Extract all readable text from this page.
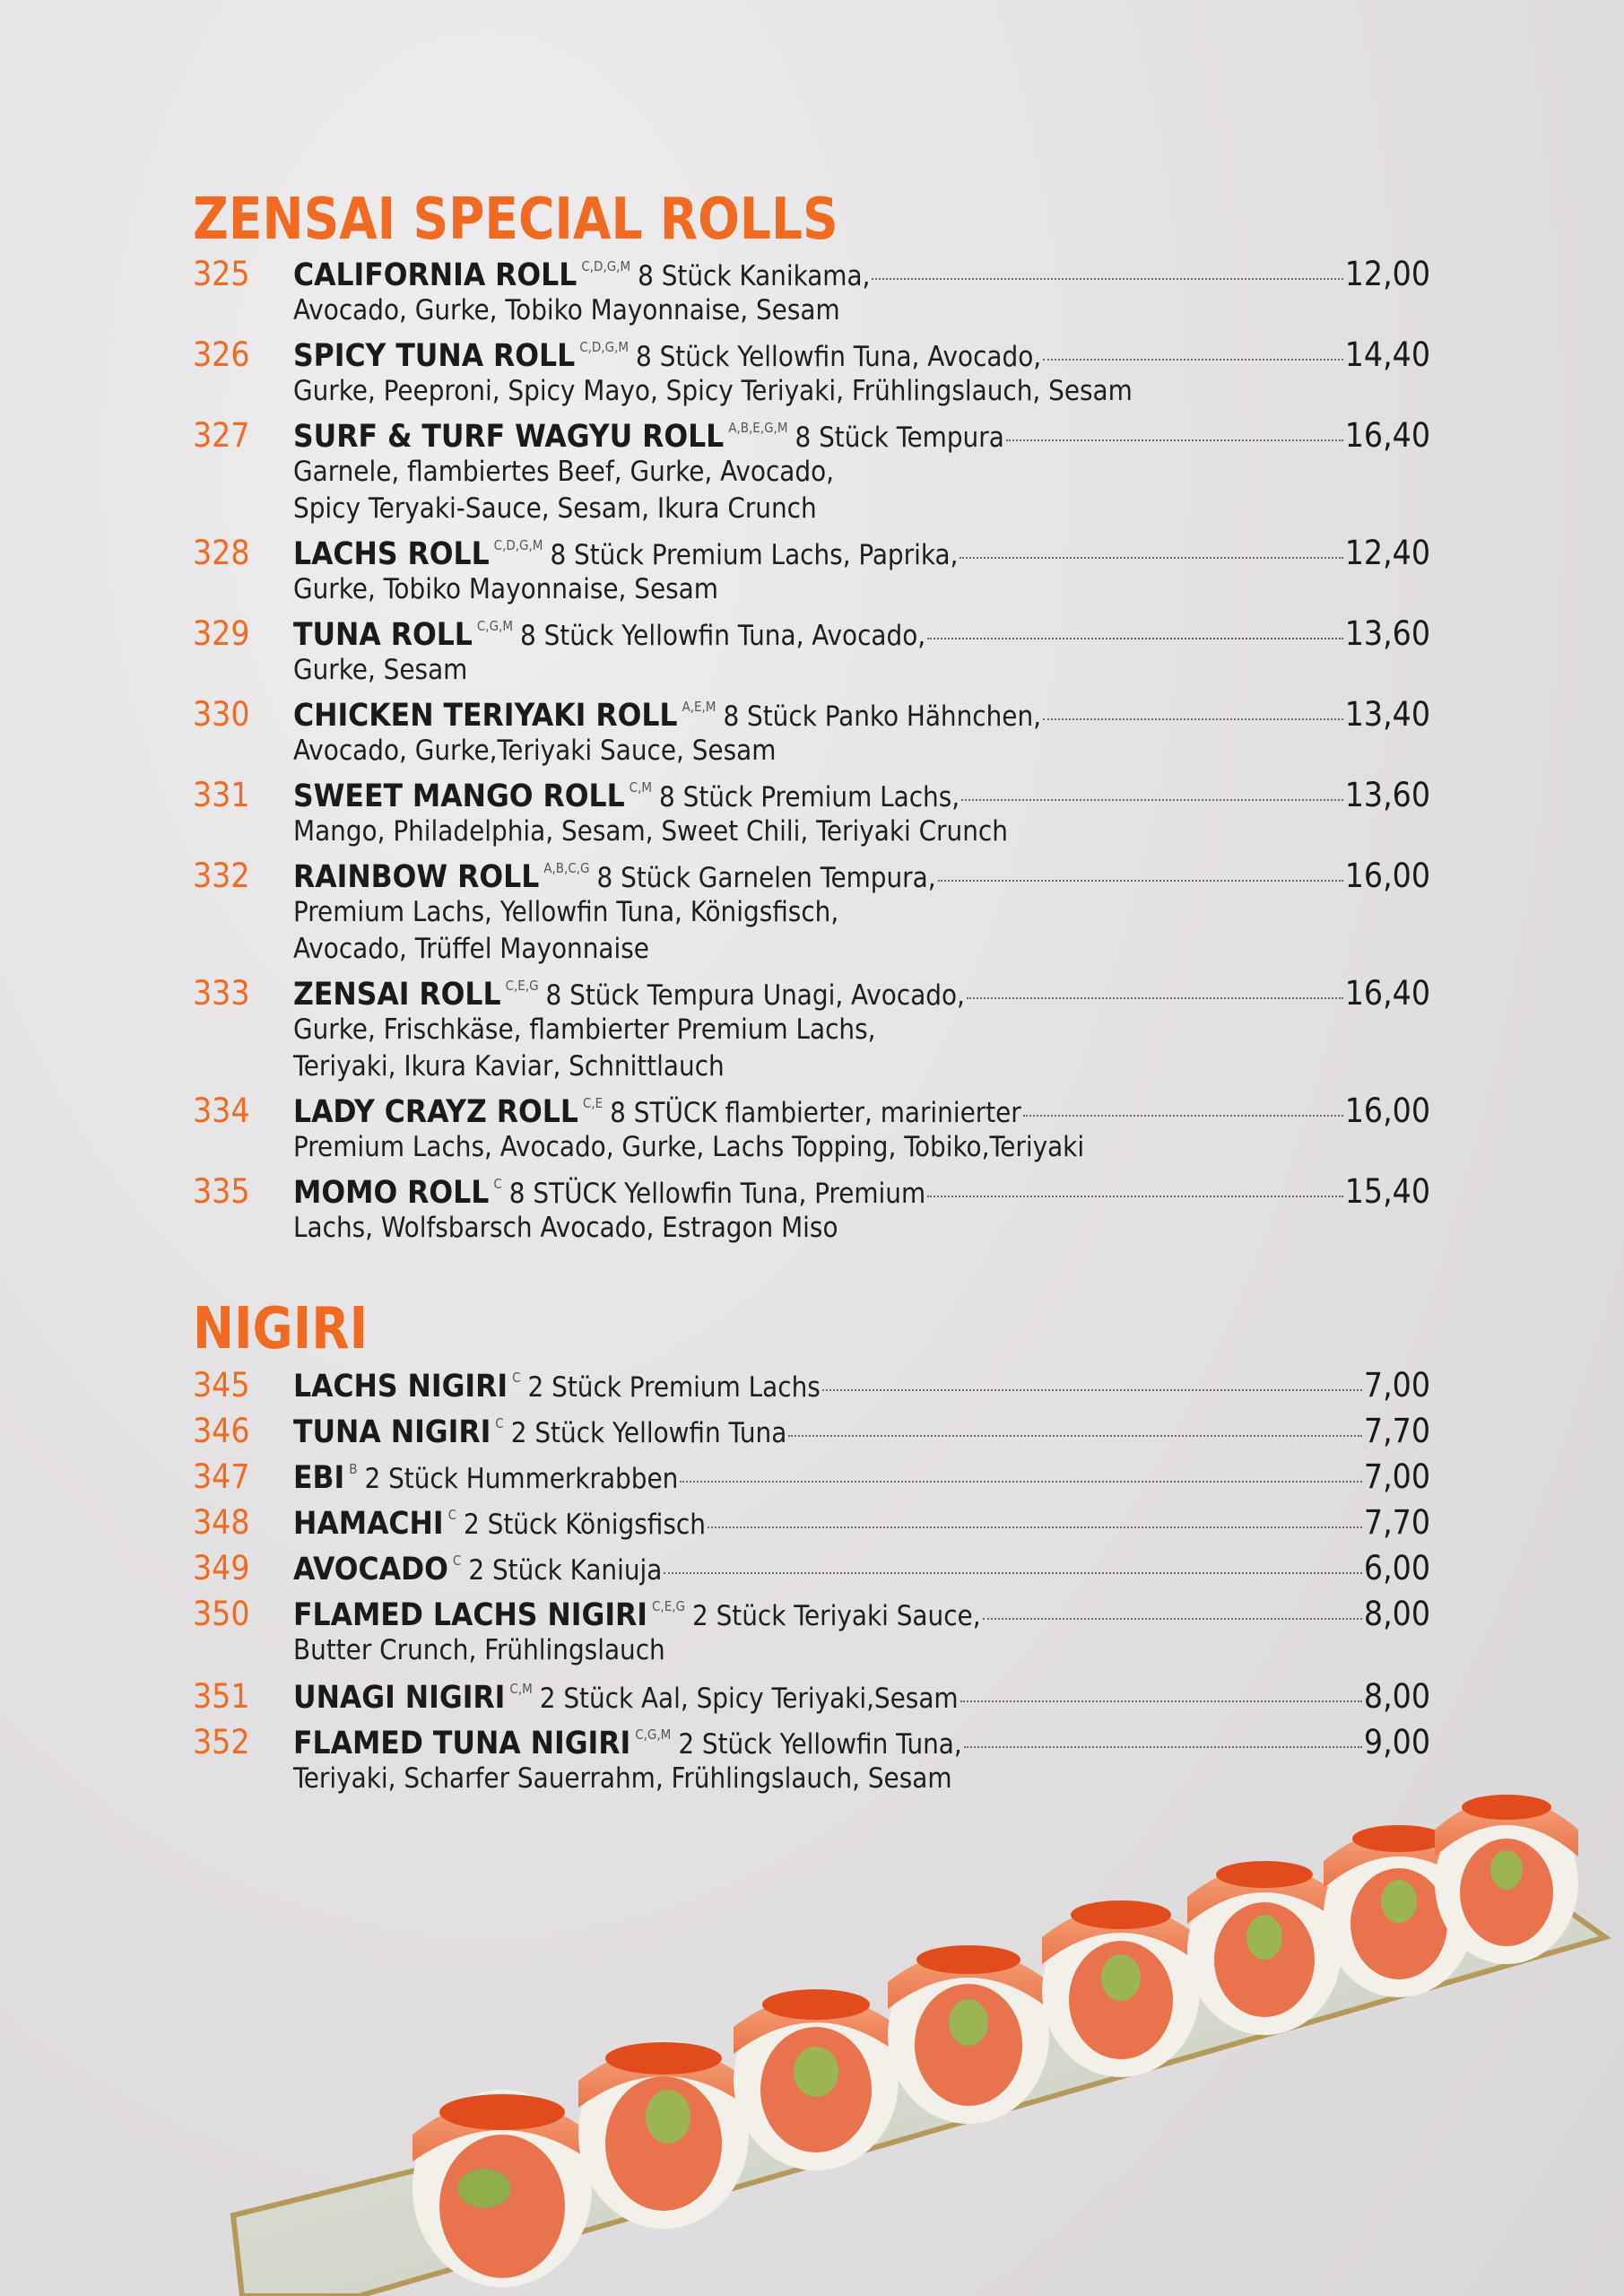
ZENSAI SPECIAL ROLLS
325	CALIFORNIA ROLL C,D,G,M 8 Stück Kanikama,	12,00
Avocado, Gurke, Tobiko Mayonnaise, Sesam
326	SPICY TUNA ROLL C,D,G,M 8 Stück Yellowfin Tuna, Avocado,	14,40
Gurke, Peeproni, Spicy Mayo, Spicy Teriyaki, Frühlingslauch, Sesam
327	SURF & TURF WAGYU ROLL A,B,E,G,M 8 Stück Tempura	16,40
Garnele, flambiertes Beef, Gurke, Avocado,
Spicy Teryaki-Sauce, Sesam, Ikura Crunch
328	LACHS ROLL C,D,G,M 8 Stück Premium Lachs, Paprika,	12,40
Gurke, Tobiko Mayonnaise, Sesam
329	TUNA ROLL C,G,M 8 Stück Yellowfin Tuna, Avocado,	13,60
Gurke, Sesam
330	CHICKEN TERIYAKI ROLL A,E,M 8 Stück Panko Hähnchen,	13,40
Avocado, Gurke,Teriyaki Sauce, Sesam
331	SWEET MANGO ROLL C,M 8 Stück Premium Lachs,	13,60
Mango, Philadelphia, Sesam, Sweet Chili, Teriyaki Crunch
332	RAINBOW ROLL A,B,C,G 8 Stück Garnelen Tempura,	16,00
Premium Lachs, Yellowfin Tuna, Königsfisch,
Avocado, Trüffel Mayonnaise
333	ZENSAI ROLL C,E,G 8 Stück Tempura Unagi, Avocado,	16,40
Gurke, Frischkäse, flambierter Premium Lachs,
Teriyaki, Ikura Kaviar, Schnittlauch
334	LADY CRAYZ ROLL C,E 8 STÜCK flambierter, marinierter	16,00
Premium Lachs, Avocado, Gurke, Lachs Topping, Tobiko,Teriyaki
335	MOMO ROLL C 8 STÜCK Yellowfin Tuna, Premium	15,40
Lachs, Wolfsbarsch Avocado, Estragon Miso
NIGIRI
345	LACHS NIGIRI C 2 Stück Premium Lachs	7,00
346	TUNA NIGIRI C 2 Stück Yellowfin Tuna	7,70
347	EBI B 2 Stück Hummerkrabben	7,00
348	HAMACHI C 2 Stück Königsfisch	7,70
349	AVOCADO C 2 Stück Kaniuja	6,00
350	FLAMED LACHS NIGIRI C,E,G 2 Stück Teriyaki Sauce,	8,00
Butter Crunch, Frühlingslauch
351	UNAGI NIGIRI C,M 2 Stück Aal, Spicy Teriyaki,Sesam	8,00
352	FLAMED TUNA NIGIRI C,G,M 2 Stück Yellowfin Tuna,	9,00
Teriyaki, Scharfer Sauerrahm, Frühlingslauch, Sesam
